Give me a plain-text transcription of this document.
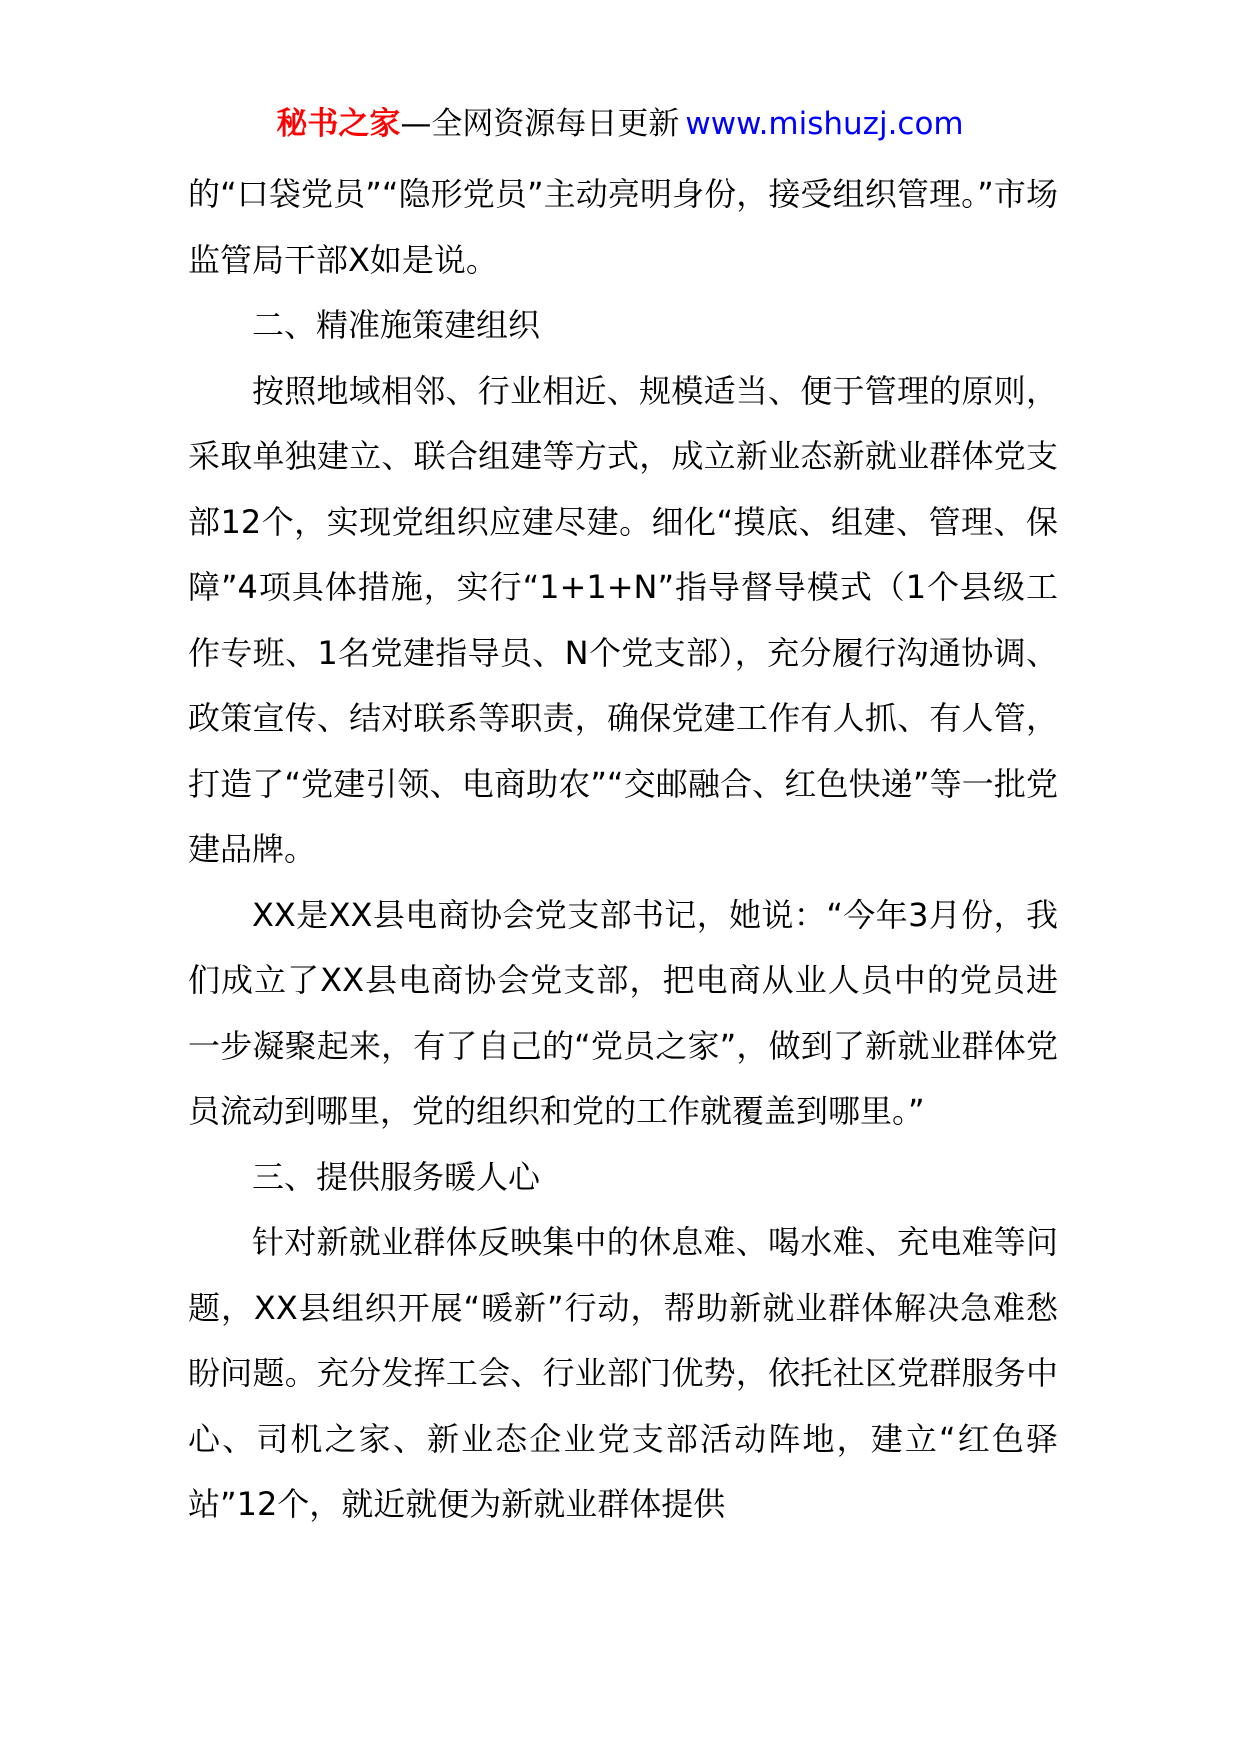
秘书之家—全网资源每日更新 www.mishuzj.com

的“口袋党员”“隐形党员”主动亮明身份，接受组织管理。”市场监管局干部X如是说。

二、精准施策建组织

按照地域相邻、行业相近、规模适当、便于管理的原则，采取单独建立、联合组建等方式，成立新业态新就业群体党支部12个，实现党组织应建尽建。细化“摸底、组建、管理、保障”4项具体措施，实行“1+1+N”指导督导模式（1个县级工作专班、1名党建指导员、N个党支部），充分履行沟通协调、政策宣传、结对联系等职责，确保党建工作有人抓、有人管，打造了“党建引领、电商助农”“交邮融合、红色快递”等一批党建品牌。

XX是XX县电商协会党支部书记，她说：“今年3月份，我们成立了XX县电商协会党支部，把电商从业人员中的党员进一步凝聚起来，有了自己的“党员之家”，做到了新就业群体党员流动到哪里，党的组织和党的工作就覆盖到哪里。”

三、提供服务暖人心

针对新就业群体反映集中的休息难、喝水难、充电难等问题，XX县组织开展“暖新”行动，帮助新就业群体解决急难愁盼问题。充分发挥工会、行业部门优势，依托社区党群服务中心、司机之家、新业态企业党支部活动阵地，建立“红色驿站”12个，就近就便为新就业群体提供
